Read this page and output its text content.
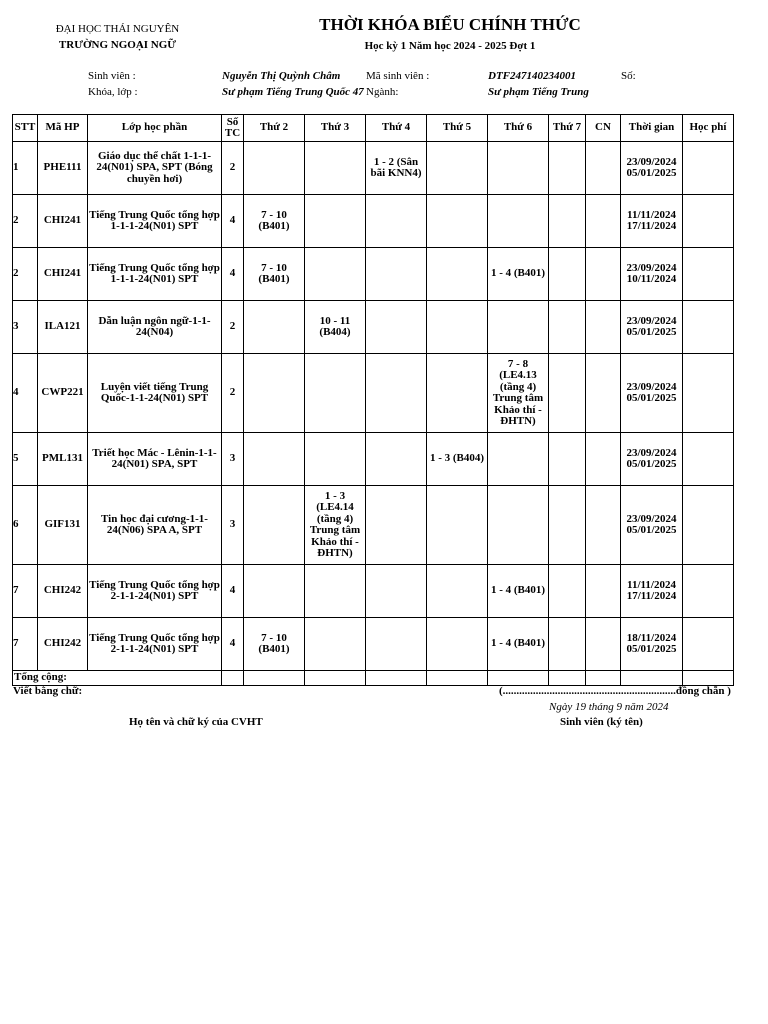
ĐẠI HỌC THÁI NGUYÊN
TRƯỜNG NGOẠI NGỮ
THỜI KHÓA BIỂU CHÍNH THỨC
Học kỳ 1 Năm học 2024 - 2025 Đợt 1
Sinh viên :	Nguyễn Thị Quỳnh Châm Mã sinh viên :	DTF247140234001	Số:
Khóa, lớp :	Sư phạm Tiếng Trung Quốc 47 Ngành:	Sư phạm Tiếng Trung
STT	Mã HP	Lớp học phần	Số TC	Thứ 2	Thứ 3	Thứ 4	Thứ 5	Thứ 6	Thứ 7	CN	Thời gian	Học phí
1	PHE111	Giáo dục thể chất 1-1-1-24(N01) SPA, SPT (Bóng chuyền hơi)	2			1 - 2 (Sân bãi KNN4)					23/09/2024
05/01/2025	

2	CHI241	Tiếng Trung Quốc tổng hợp 1-1-1-24(N01) SPT	4	7 - 10 (B401)							11/11/2024
17/11/2024	

2	CHI241	Tiếng Trung Quốc tổng hợp 1-1-1-24(N01) SPT	4	7 - 10 (B401)				1 - 4 (B401)			23/09/2024
10/11/2024	

3	ILA121	Dẫn luận ngôn ngữ-1-1-24(N04)	2		10 - 11 (B404)						23/09/2024
05/01/2025	

4	CWP221	Luyện viết tiếng Trung Quốc-1-1-24(N01) SPT	2					7 - 8 (LE4.13 (tầng 4) Trung tâm Khảo thí - ĐHTN)			23/09/2024
05/01/2025	

5	PML131	Triết học Mác - Lênin-1-1-24(N01) SPA, SPT	3				1 - 3 (B404)				23/09/2024
05/01/2025	

6	GIF131	Tin học đại cương-1-1-24(N06) SPA A, SPT	3		1 - 3 (LE4.14 (tầng 4) Trung tâm Khảo thí - ĐHTN)						23/09/2024
05/01/2025	

7	CHI242	Tiếng Trung Quốc tổng hợp 2-1-1-24(N01) SPT	4					1 - 4 (B401)			11/11/2024
17/11/2024	

7	CHI242	Tiếng Trung Quốc tổng hợp 2-1-1-24(N01) SPT	4	7 - 10 (B401)				1 - 4 (B401)			18/11/2024
05/01/2025	

Tổng cộng:												
Viết bằng chữ:	(...............................................................đồng chẵn )
Ngày 19 tháng 9 năm 2024
Họ tên và chữ ký của CVHT	Sinh viên (ký tên)
